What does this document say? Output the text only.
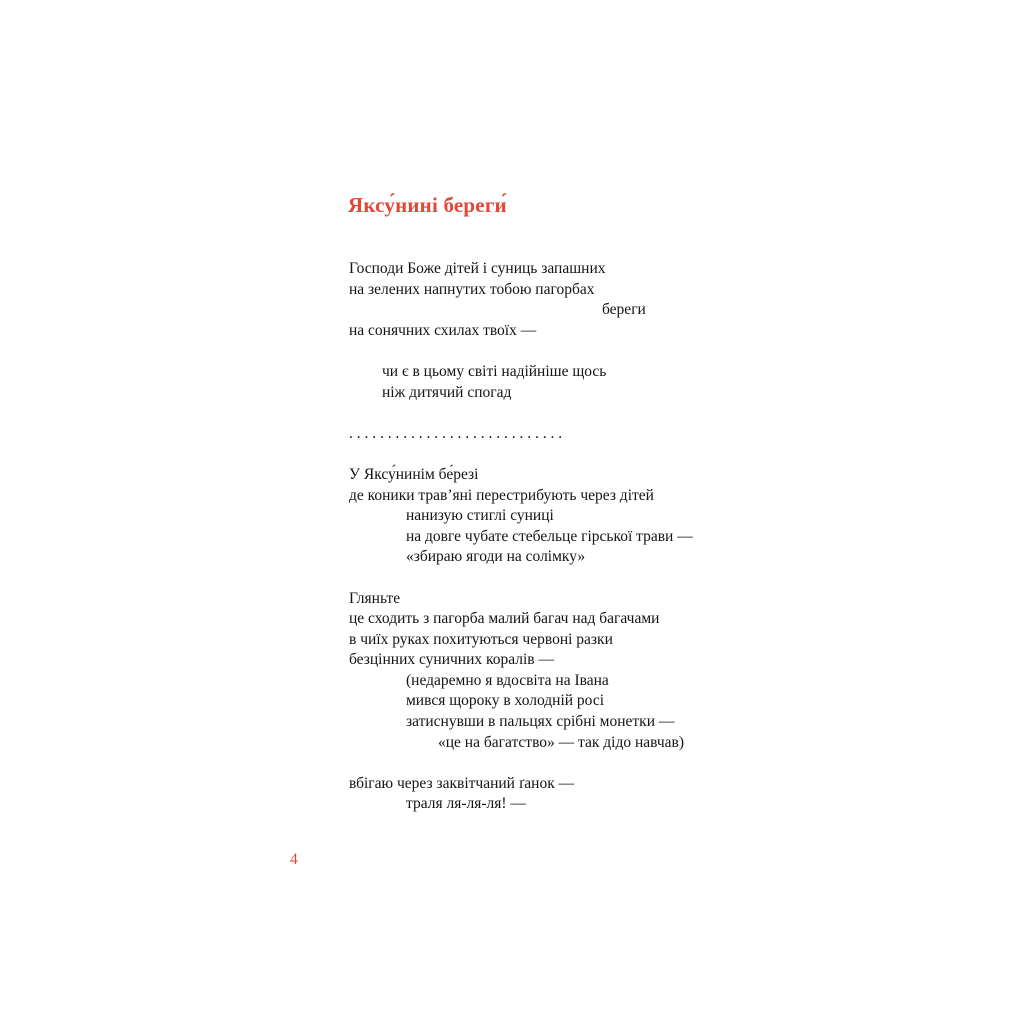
Яксу́нині береги́
Господи Боже дітей і суниць запашних
на зелених напнутих тобою пагорбах
береги
на сонячних схилах твоїх —
чи є в цьому світі надійніше щось
ніж дитячий спогад
. . . . . . . . . . . . . . . . . . . . . . . . . . . .
У Яксу́нинім бе́резі
де коники трав’яні перестрибують через дітей
нанизую стиглі суниці
на довге чубате стебельце гірської трави —
«збираю ягоди на солімку»
Гляньте
це сходить з пагорба малий багач над багачами
в чиїх руках похитуються червоні разки
безцінних суничних коралів —
(недаремно я вдосвіта на Івана
мився щороку в холодній росі
затиснувши в пальцях срібні монетки —
«це на багатство» — так дідо навчав)
вбігаю через заквітчаний ґанок —
траля ля-ля-ля! —
4
